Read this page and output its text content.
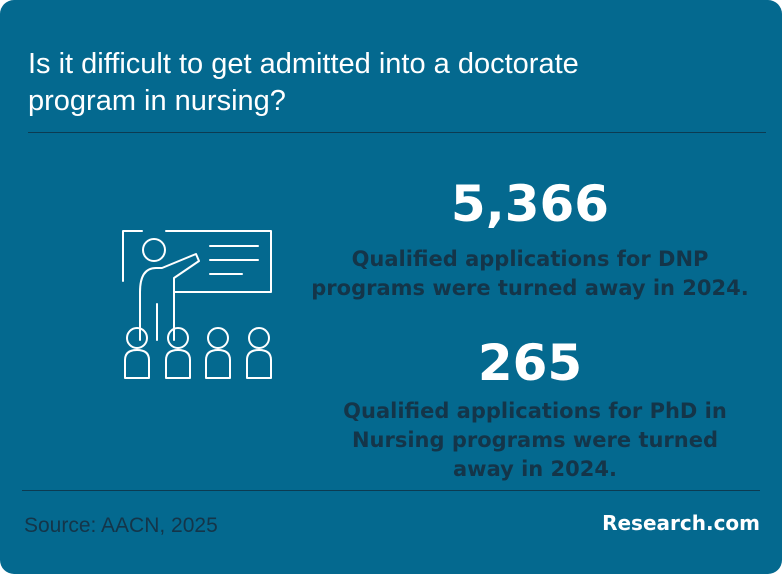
Is it difficult to get admitted into a doctorate
program in nursing?
5,366
Qualified applications for DNP
programs were turned away in 2024.
265
Qualified applications for PhD in
Nursing programs were turned
away in 2024.
Source: AACN, 2025	Research.com
